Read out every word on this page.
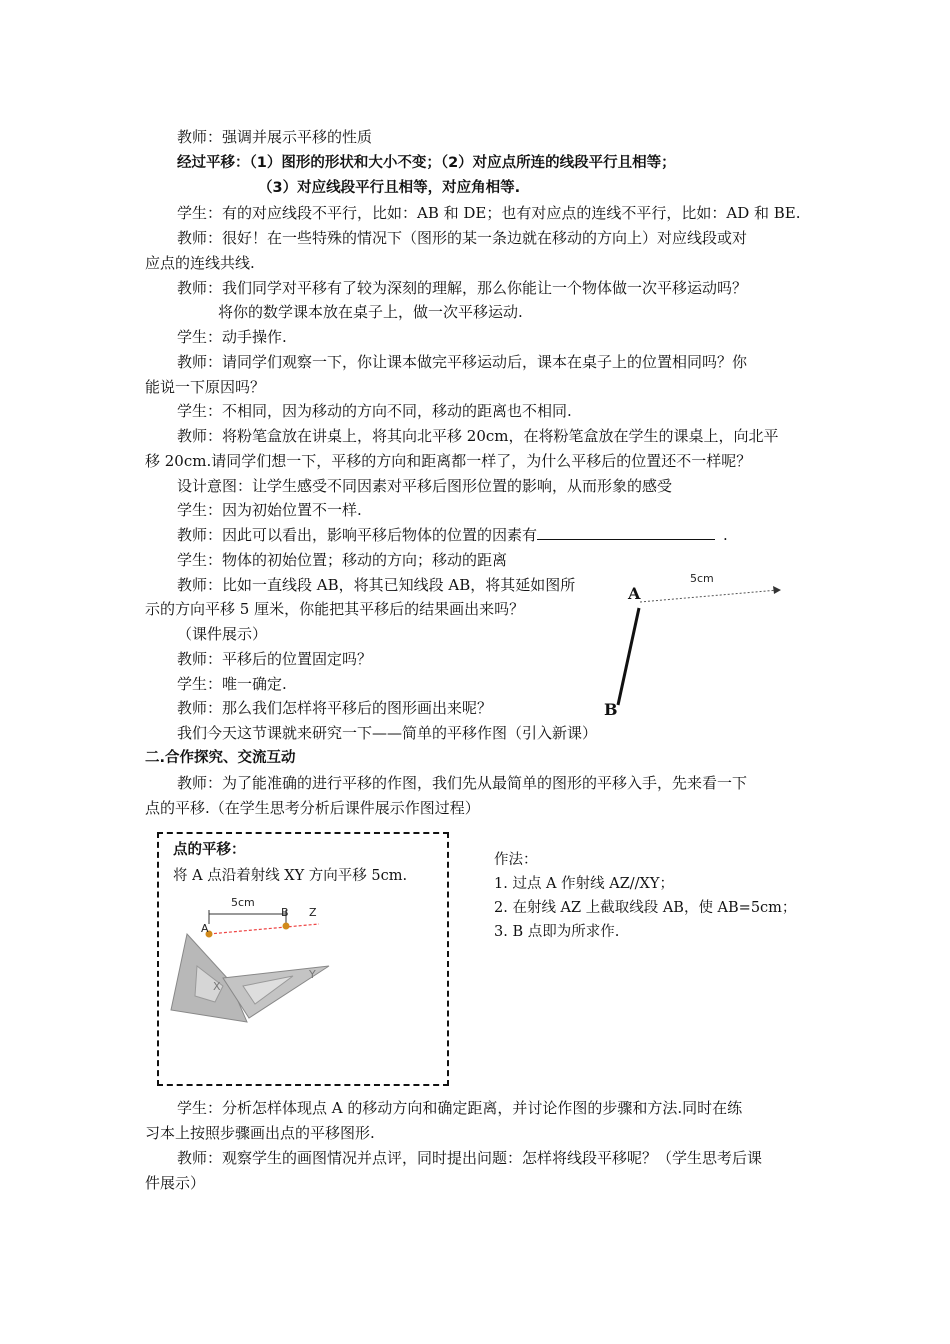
教师：强调并展示平移的性质
经过平移：（1）图形的形状和大小不变；（2）对应点所连的线段平行且相等；
（3）对应线段平行且相等，对应角相等.
学生：有的对应线段不平行，比如：AB 和 DE；也有对应点的连线不平行，比如：AD 和 BE.
教师：很好！在一些特殊的情况下（图形的某一条边就在移动的方向上）对应线段或对
应点的连线共线.
教师：我们同学对平移有了较为深刻的理解，那么你能让一个物体做一次平移运动吗？
将你的数学课本放在桌子上，做一次平移运动.
学生：动手操作.
教师：请同学们观察一下，你让课本做完平移运动后，课本在桌子上的位置相同吗？你
能说一下原因吗？
学生：不相同，因为移动的方向不同，移动的距离也不相同.
教师：将粉笔盒放在讲桌上，将其向北平移 20cm，在将粉笔盒放在学生的课桌上，向北平
移 20cm.请同学们想一下，平移的方向和距离都一样了，为什么平移后的位置还不一样呢？
设计意图：让学生感受不同因素对平移后图形位置的影响，从而形象的感受
学生：因为初始位置不一样.
教师：因此可以看出，影响平移后物体的位置的因素有	.
学生：物体的初始位置；移动的方向；移动的距离
教师：比如一直线段 AB，将其已知线段 AB，将其延如图所
示的方向平移 5 厘米，你能把其平移后的结果画出来吗？
（课件展示）
教师：平移后的位置固定吗？
学生：唯一确定.
教师：那么我们怎样将平移后的图形画出来呢？
我们今天这节课就来研究一下——简单的平移作图（引入新课）
二.合作探究、交流互动
教师：为了能准确的进行平移的作图，我们先从最简单的图形的平移入手，先来看一下
点的平移.（在学生思考分析后课件展示作图过程）
5cm
A
B
点的平移：
将 A 点沿着射线 XY 方向平移 5cm.
5cm
A
B Z
X
Y
作法：
1. 过点 A 作射线 AZ//XY；
2. 在射线 AZ 上截取线段 AB，使 AB=5cm；
3. B 点即为所求作.
学生：分析怎样体现点 A 的移动方向和确定距离，并讨论作图的步骤和方法.同时在练
习本上按照步骤画出点的平移图形.
教师：观察学生的画图情况并点评，同时提出问题：怎样将线段平移呢？（学生思考后课
件展示）
